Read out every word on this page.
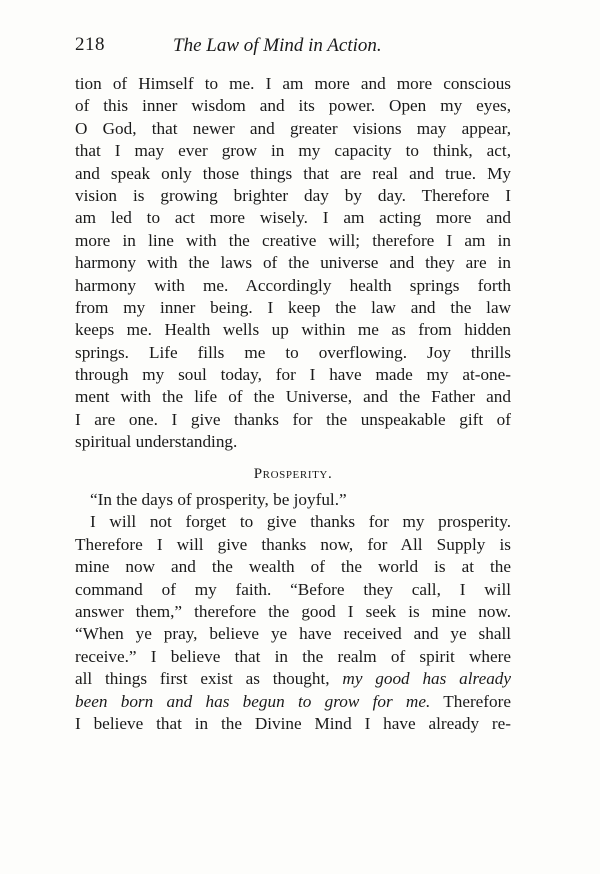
218	The Law of Mind in Action.
tion of Himself to me. I am more and more conscious
of this inner wisdom and its power. Open my eyes,
O God, that newer and greater visions may appear,
that I may ever grow in my capacity to think, act,
and speak only those things that are real and true. My
vision is growing brighter day by day. Therefore I
am led to act more wisely. I am acting more and
more in line with the creative will; therefore I am in
harmony with the laws of the universe and they are in
harmony with me. Accordingly health springs forth
from my inner being. I keep the law and the law
keeps me. Health wells up within me as from hidden
springs. Life fills me to overflowing. Joy thrills
through my soul today, for I have made my at-one-
ment with the life of the Universe, and the Father and
I are one. I give thanks for the unspeakable gift of
spiritual understanding.
Prosperity.
“In the days of prosperity, be joyful.”
I will not forget to give thanks for my prosperity.
Therefore I will give thanks now, for All Supply is
mine now and the wealth of the world is at the
command of my faith. “Before they call, I will
answer them,” therefore the good I seek is mine now.
“When ye pray, believe ye have received and ye shall
receive.” I believe that in the realm of spirit where
all things first exist as thought, my good has already
been born and has begun to grow for me. Therefore
I believe that in the Divine Mind I have already re-
